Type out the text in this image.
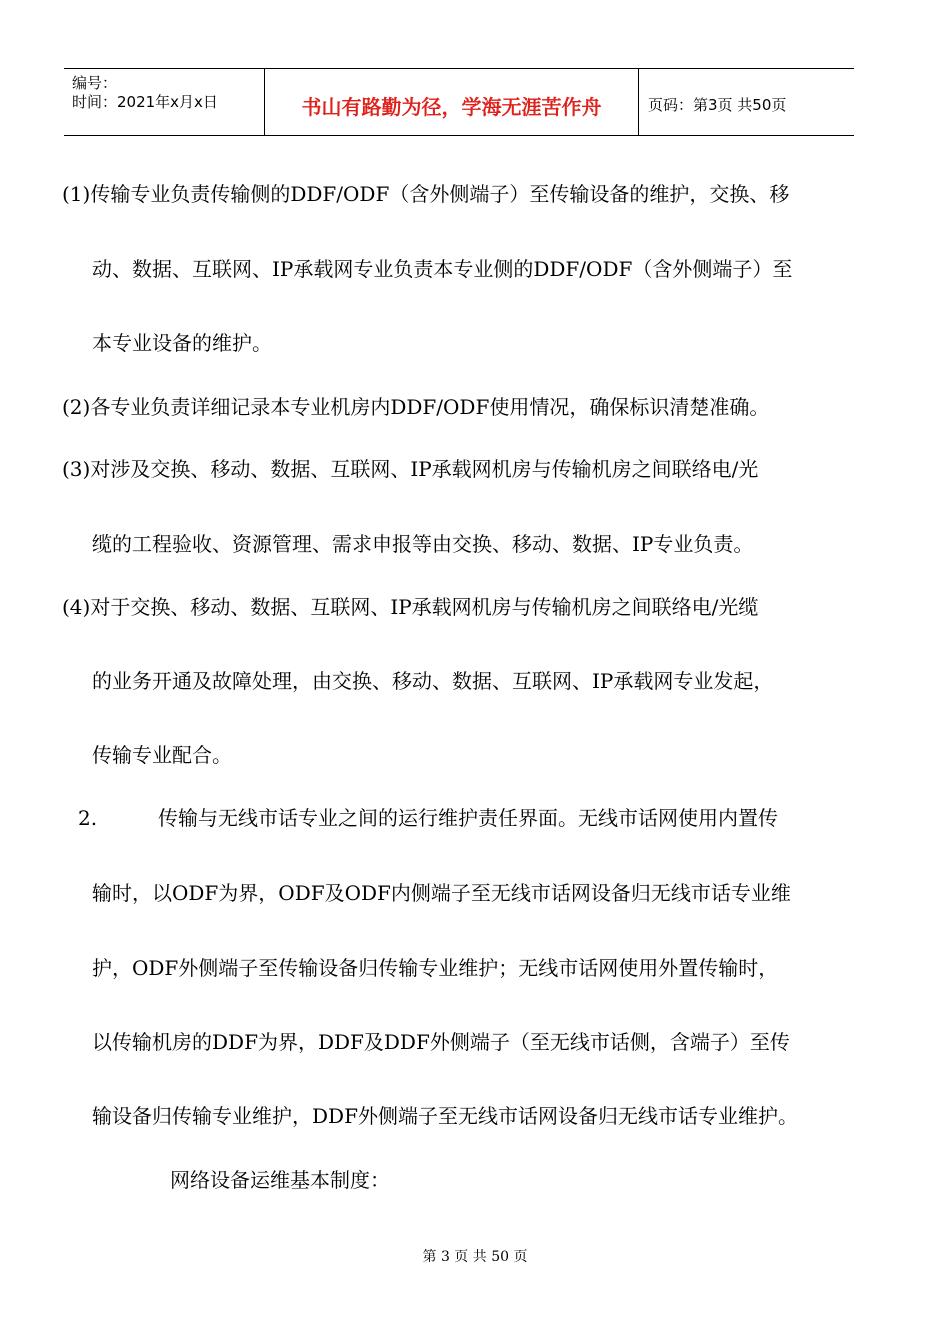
编号：
时间：2021年x月x日	书山有路勤为径，学海无涯苦作舟	页码：第3页 共50页
(1)传输专业负责传输侧的DDF/ODF（含外侧端子）至传输设备的维护，交换、移
动、数据、互联网、IP承载网专业负责本专业侧的DDF/ODF（含外侧端子）至
本专业设备的维护。
(2)各专业负责详细记录本专业机房内DDF/ODF使用情况，确保标识清楚准确。
(3)对涉及交换、移动、数据、互联网、IP承载网机房与传输机房之间联络电/光
缆的工程验收、资源管理、需求申报等由交换、移动、数据、IP专业负责。
(4)对于交换、移动、数据、互联网、IP承载网机房与传输机房之间联络电/光缆
的业务开通及故障处理，由交换、移动、数据、互联网、IP承载网专业发起，
传输专业配合。
2.	传输与无线市话专业之间的运行维护责任界面。无线市话网使用内置传
输时，以ODF为界，ODF及ODF内侧端子至无线市话网设备归无线市话专业维
护，ODF外侧端子至传输设备归传输专业维护；无线市话网使用外置传输时，
以传输机房的DDF为界，DDF及DDF外侧端子（至无线市话侧，含端子）至传
输设备归传输专业维护，DDF外侧端子至无线市话网设备归无线市话专业维护。
网络设备运维基本制度：
第 3 页 共 50 页
